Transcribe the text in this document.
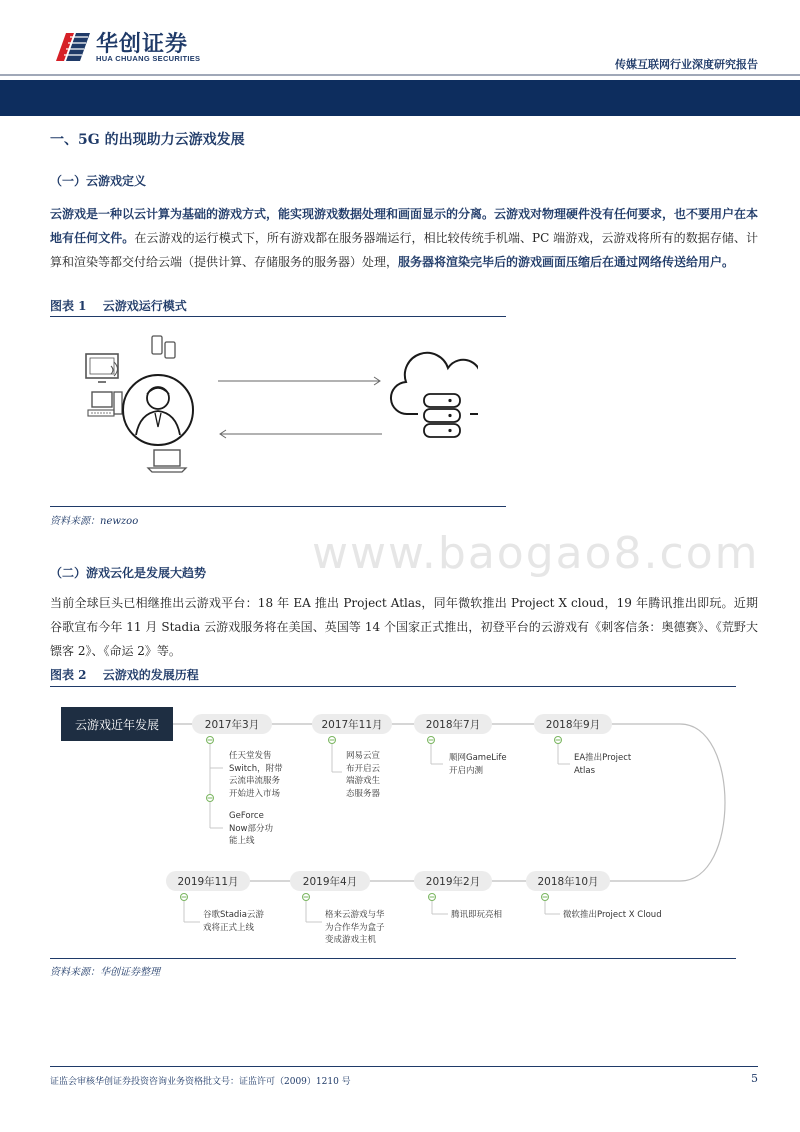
华创证券
HUA CHUANG SECURITIES	传媒互联网行业深度研究报告
一、5G 的出现助力云游戏发展
（一）云游戏定义
云游戏是一种以云计算为基础的游戏方式，能实现游戏数据处理和画面显示的分离。云游戏对物理硬件没有任何要求，也不要用户在本地有任何文件。在云游戏的运行模式下，所有游戏都在服务器端运行，相比较传统手机端、PC 端游戏，云游戏将所有的数据存储、计算和渲染等都交付给云端（提供计算、存储服务的服务器）处理，服务器将渲染完毕后的游戏画面压缩后在通过网络传送给用户。
图表 1　 云游戏运行模式
资料来源：newzoo
www.baogao8.com
（二）游戏云化是发展大趋势
当前全球巨头已相继推出云游戏平台：18 年 EA 推出 Project Atlas，同年微软推出 Project X cloud，19 年腾讯推出即玩。近期谷歌宣布今年 11 月 Stadia 云游戏服务将在美国、英国等 14 个国家正式推出，初登平台的云游戏有《刺客信条：奥德赛》、《荒野大镖客 2》、《命运 2》等。
图表 2　 云游戏的发展历程
云游戏近年发展	2017年3月	2017年11月	2018年7月	2018年9月
任天堂发售
Switch，附带
云流串流服务
开始进入市场
GeForce
Now部分功
能上线
网易云宣
布开启云
端游戏生
态服务器
顺网GameLife
开启内测
EA推出Project
Atlas
2019年11月	2019年4月	2019年2月	2018年10月
谷歌Stadia云游
戏将正式上线
格来云游戏与华
为合作华为盒子
变成游戏主机
腾讯即玩亮相	微软推出Project X Cloud
资料来源：华创证券整理
证监会审核华创证券投资咨询业务资格批文号：证监许可（2009）1210 号	5
